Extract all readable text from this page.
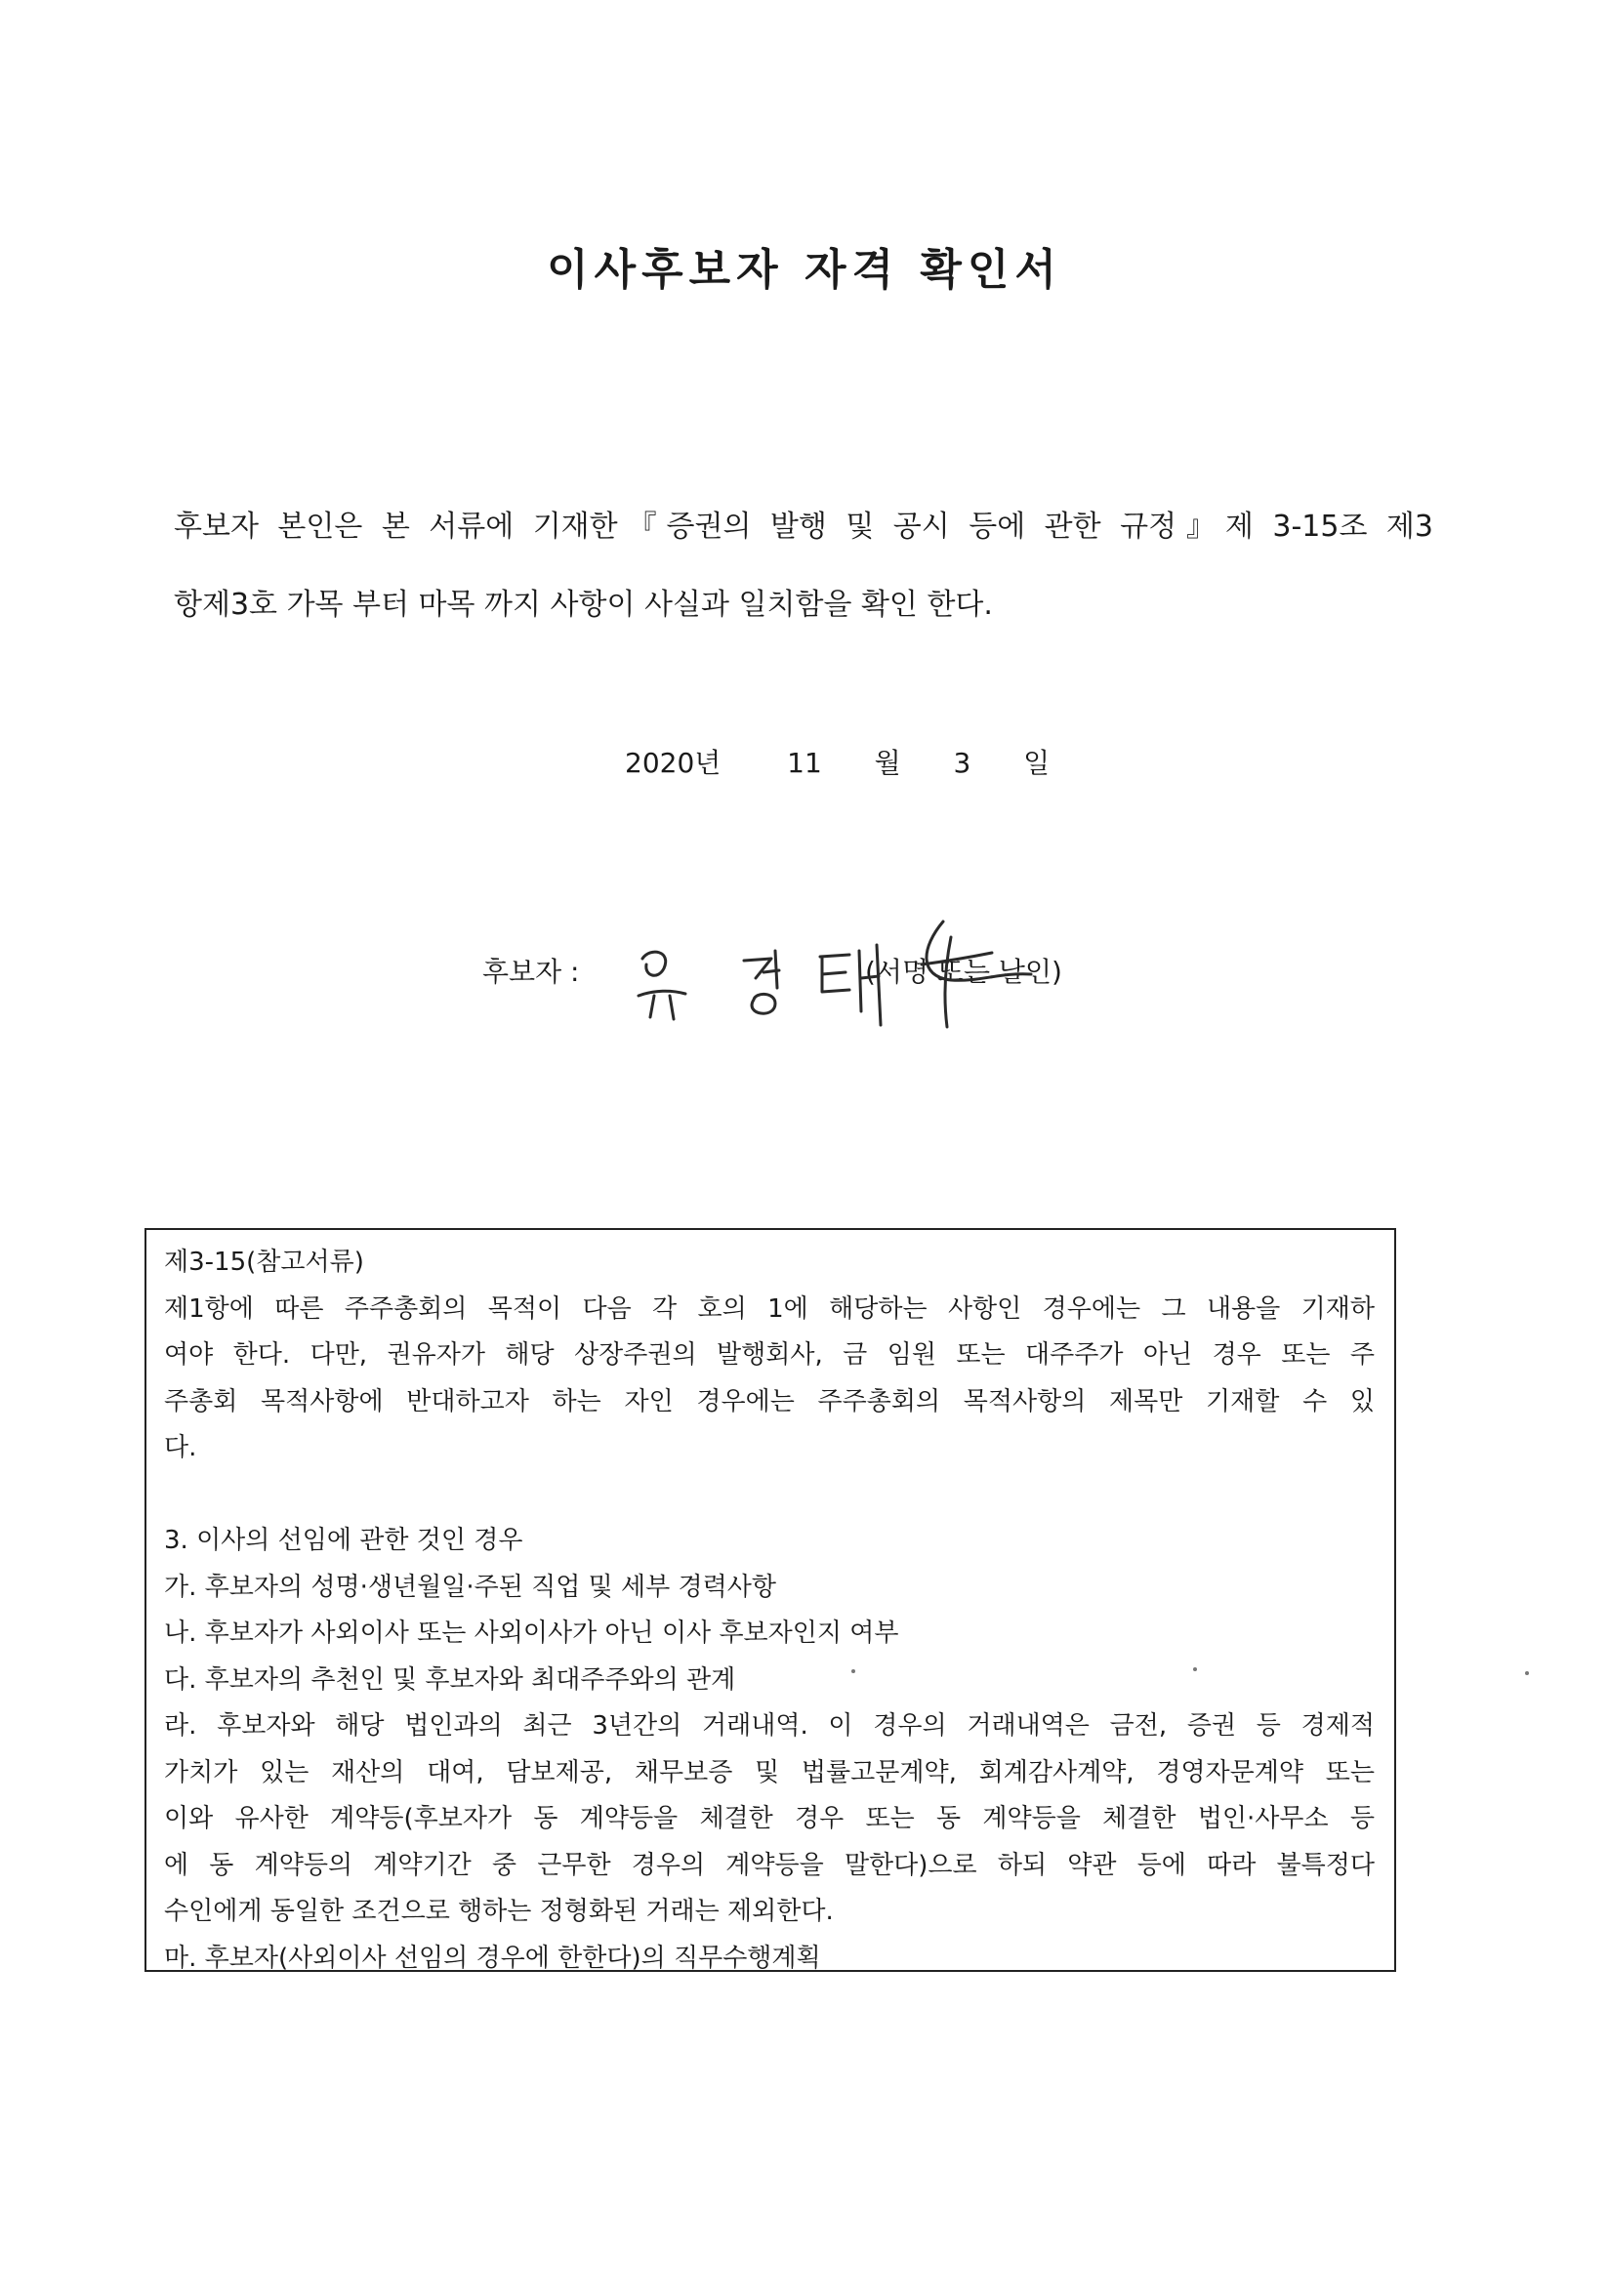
이사후보자 자격 확인서
후보자 본인은 본 서류에 기재한『증권의 발행 및 공시 등에 관한 규정』제 3-15조 제3
항제3호 가목 부터 마목 까지 사항이 사실과 일치함을 확인 한다.
2020년 11 월 3 일
후보자 :	(서명 또는 날인)
제3-15(참고서류)
제1항에 따른 주주총회의 목적이 다음 각 호의 1에 해당하는 사항인 경우에는 그 내용을 기재하
여야 한다. 다만, 권유자가 해당 상장주권의 발행회사, 금 임원 또는 대주주가 아닌 경우 또는 주
주총회 목적사항에 반대하고자 하는 자인 경우에는 주주총회의 목적사항의 제목만 기재할 수 있
다.
3. 이사의 선임에 관한 것인 경우
가. 후보자의 성명·생년월일·주된 직업 및 세부 경력사항
나. 후보자가 사외이사 또는 사외이사가 아닌 이사 후보자인지 여부
다. 후보자의 추천인 및 후보자와 최대주주와의 관계
라. 후보자와 해당 법인과의 최근 3년간의 거래내역. 이 경우의 거래내역은 금전, 증권 등 경제적
가치가 있는 재산의 대여, 담보제공, 채무보증 및 법률고문계약, 회계감사계약, 경영자문계약 또는
이와 유사한 계약등(후보자가 동 계약등을 체결한 경우 또는 동 계약등을 체결한 법인·사무소 등
에 동 계약등의 계약기간 중 근무한 경우의 계약등을 말한다)으로 하되 약관 등에 따라 불특정다
수인에게 동일한 조건으로 행하는 정형화된 거래는 제외한다.
마. 후보자(사외이사 선임의 경우에 한한다)의 직무수행계획
